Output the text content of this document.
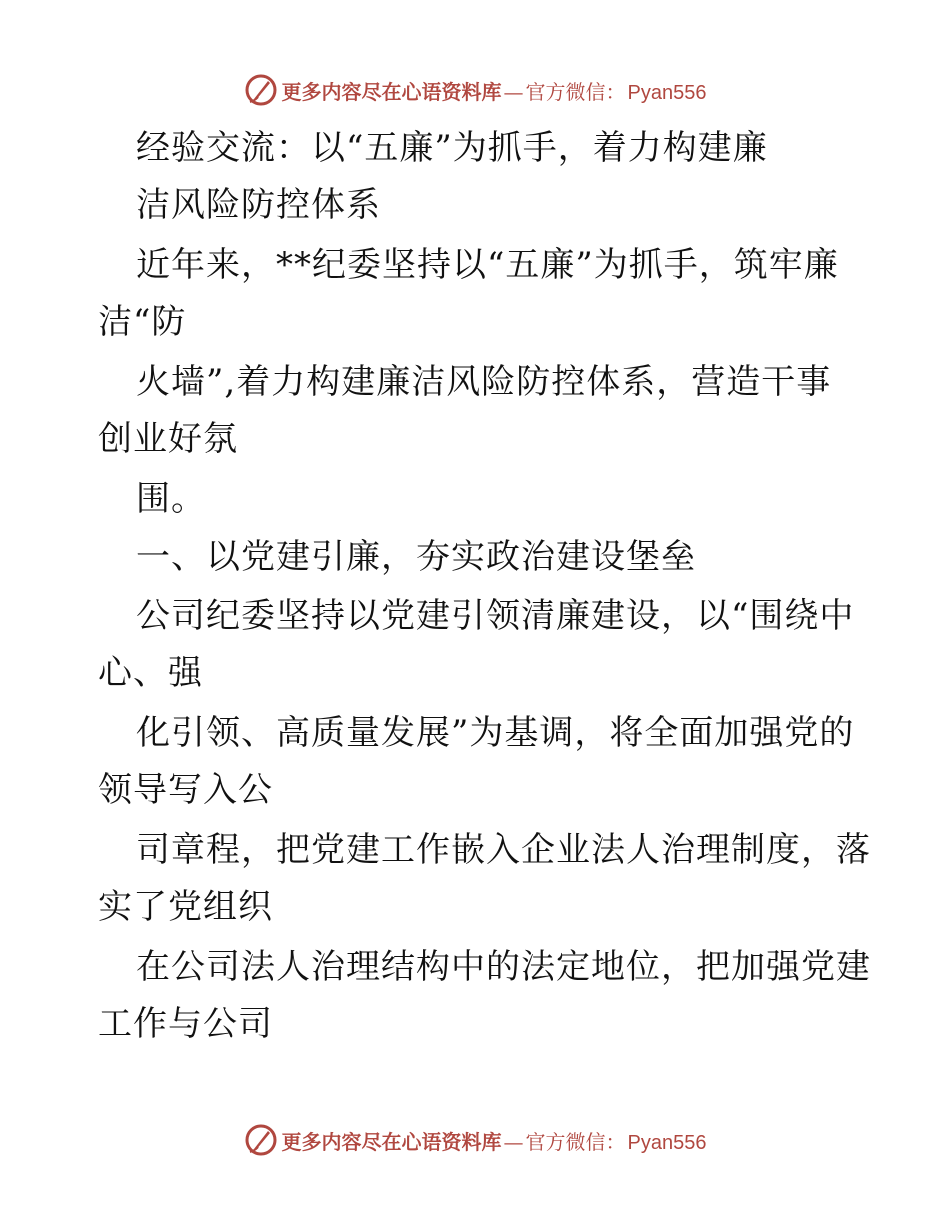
更多内容尽在心语资料库 — 官方微信： Pyan556
经验交流：以“五廉”为抓手，着力构建廉
洁风险防控体系
近年来，**纪委坚持以“五廉”为抓手，筑牢廉
洁“防
火墙”,着力构建廉洁风险防控体系，营造干事
创业好氛
围。
一、以党建引廉，夯实政治建设堡垒
公司纪委坚持以党建引领清廉建设，以“围绕中
心、强
化引领、高质量发展”为基调，将全面加强党的
领导写入公
司章程，把党建工作嵌入企业法人治理制度，落
实了党组织
在公司法人治理结构中的法定地位，把加强党建
工作与公司
更多内容尽在心语资料库 — 官方微信： Pyan556
